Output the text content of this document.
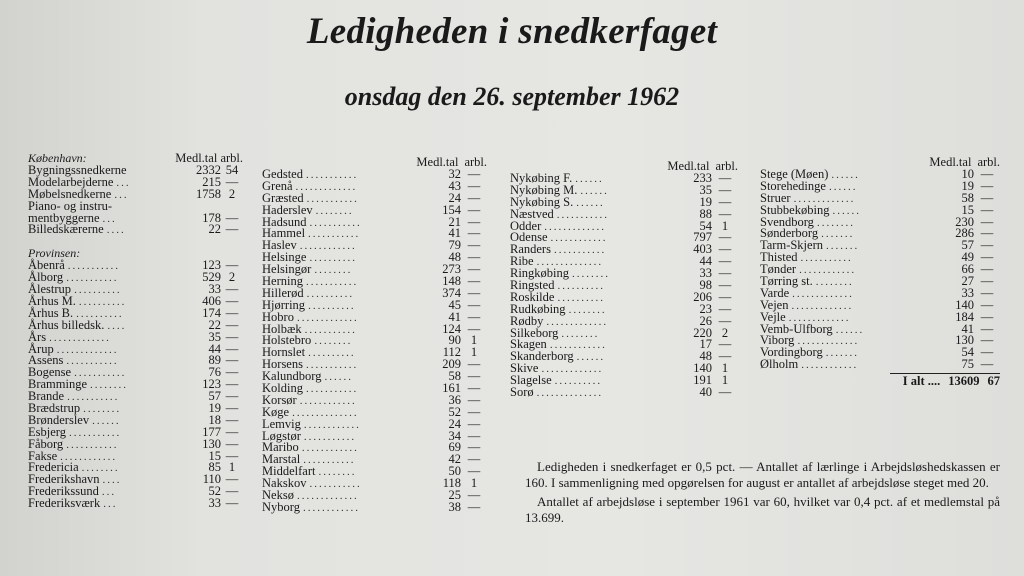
Ledigheden i snedkerfaget
onsdag den 26. september 1962
København:	Medl.tal arbl.
Bygningssnedkerne	2332 54
Modelarbejderne ...	215 —
Møbelsnedkerne ...	1758 2
Piano- og instru-
mentbyggerne ...	178 —
Billedskærerne ....	22 —
Provinsen:
Åbenrå ...........	123 —
Ålborg ...........	529 2
Ålestrup ..........	33 —
Århus M. ..........	406 —
Århus B. ..........	174 —
Århus billedsk. ....	22 —
Års .............	35 —
Årup .............	44 —
Assens ...........	89 —
Bogense ...........	76 —
Bramminge ........	123 —
Brande ...........	57 —
Brædstrup ........	19 —
Brønderslev ......	18 —
Esbjerg ...........	177 —
Fåborg ...........	130 —
Fakse ............	15 —
Fredericia ........	85 1
Frederikshavn ....	110 —
Frederikssund ...	52 —
Frederiksværk ...	33 —
Medl.tal arbl.
Gedsted ...........	32 —
Grenå .............	43 —
Græsted ...........	24 —
Haderslev ........	154 —
Hadsund ...........	21 —
Hammel ...........	41 —
Haslev ............	79 —
Helsinge ..........	48 —
Helsingør ........	273 —
Herning ...........	148 —
Hillerød ..........	374 —
Hjørring ..........	45 —
Hobro .............	41 —
Holbæk ...........	124 —
Holstebro ........	90 1
Hornslet ..........	112 1
Horsens ...........	209 —
Kalundborg ......	58 —
Kolding ...........	161 —
Korsør ............	36 —
Køge ..............	52 —
Lemvig ............	24 —
Løgstør ...........	34 —
Maribo ............	69 —
Marstal ...........	42 —
Middelfart ........	50 —
Nakskov ...........	118 1
Neksø .............	25 —
Nyborg ............	38 —
Medl.tal arbl.
Nykøbing F. ......	233 —
Nykøbing M. ......	35 —
Nykøbing S. ......	19 —
Næstved ...........	88 —
Odder .............	54 1
Odense ............	797 —
Randers ...........	403 —
Ribe ..............	44 —
Ringkøbing ........	33 —
Ringsted ..........	98 —
Roskilde ..........	206 —
Rudkøbing ........	23 —
Rødby .............	26 —
Silkeborg ........	220 2
Skagen ............	17 —
Skanderborg ......	48 —
Skive .............	140 1
Slagelse ..........	191 1
Sorø ..............	40 —
Medl.tal arbl.
Stege (Møen) ......	10 —
Storehedinge ......	19 —
Struer .............	58 —
Stubbekøbing ......	15 —
Svendborg ........	230 —
Sønderborg .......	286 —
Tarm-Skjern .......	57 —
Thisted ...........	49 —
Tønder ............	66 —
Tørring st. ........	27 —
Varde .............	33 —
Vejen .............	140 —
Vejle .............	184 —
Vemb-Ulfborg ......	41 —
Viborg .............	130 —
Vordingborg .......	54 —
Ølholm ............	75 —
I alt .... 13609 67

Ledigheden i snedkerfaget er 0,5 pct. — Antallet af lærlinge i Arbejdsløshedskassen er 160. I sammenligning med opgørelsen for august er antallet af arbejdsløse steget med 20.

Antallet af arbejdsløse i september 1961 var 60, hvilket var 0,4 pct. af et medlemstal på 13.699.
